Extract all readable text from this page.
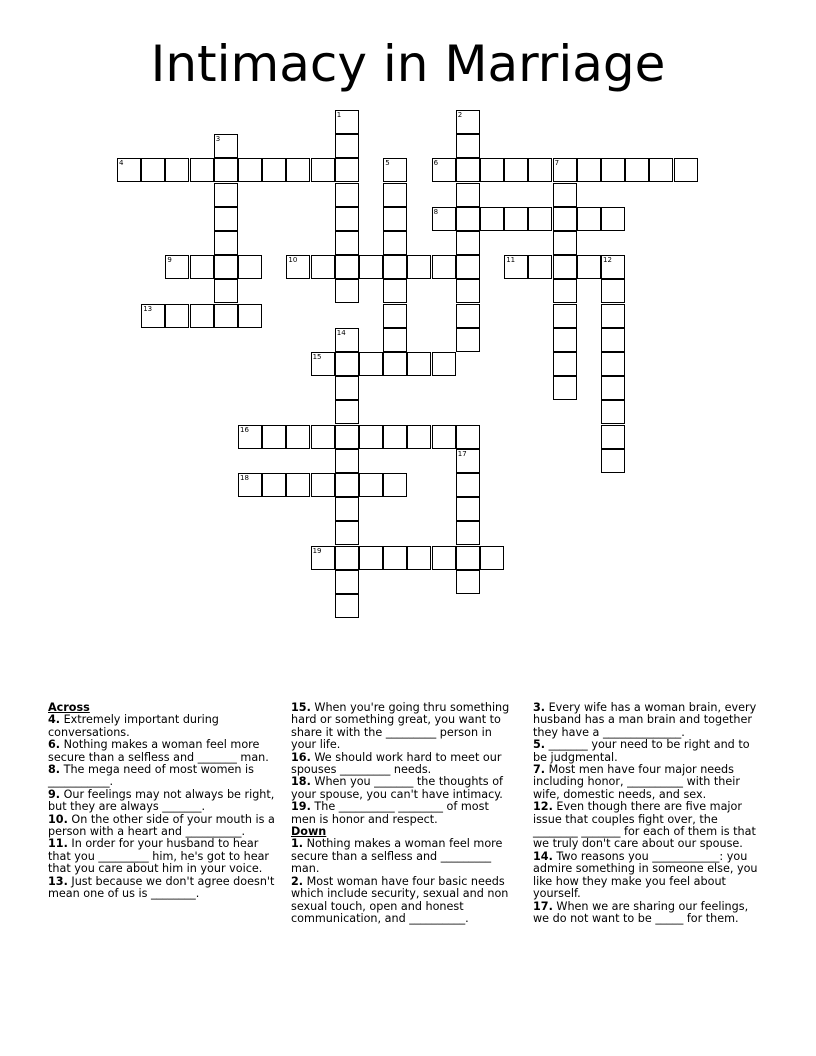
Intimacy in Marriage
4	6	7
8
9	10	11
13
15
16
18
19
1	2
3
5
12
14
17

Across

4. Extremely important during conversations.

6. Nothing makes a woman feel more secure than a selfless and _______ man.

8. The mega need of most women is ___________.

9. Our feelings may not always be right, but they are always _______.

10. On the other side of your mouth is a person with a heart and __________.

11. In order for your husband to hear that you _________ him, he's got to hear that you care about him in your voice.

13. Just because we don't agree doesn't mean one of us is ________.

15. When you're going thru something hard or something great, you want to share it with the _________ person in your life.

16. We should work hard to meet our spouses _________ needs.

18. When you _______ the thoughts of your spouse, you can't have intimacy.

19. The __________ ________ of most men is honor and respect.

Down

1. Nothing makes a woman feel more secure than a selfless and _________ man.

2. Most woman have four basic needs which include security, sexual and non sexual touch, open and honest communication, and __________.

3. Every wife has a woman brain, every husband has a man brain and together they have a ______________.

5. _______ your need to be right and to be judgmental.

7. Most men have four major needs including honor, __________ with their wife, domestic needs, and sex.

12. Even though there are five major issue that couples fight over, the ________ _______ for each of them is that we truly don't care about our spouse.

14. Two reasons you ____________: you admire something in someone else, you like how they make you feel about yourself.

17. When we are sharing our feelings, we do not want to be _____ for them.
